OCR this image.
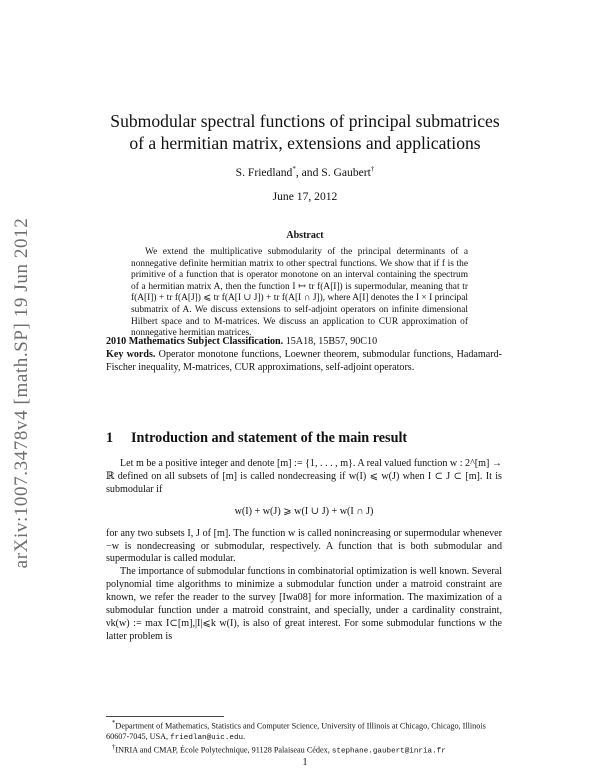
arXiv:1007.3478v4 [math.SP] 19 Jun 2012
Submodular spectral functions of principal submatrices
of a hermitian matrix, extensions and applications
S. Friedland*, and S. Gaubert†
June 17, 2012
Abstract
We extend the multiplicative submodularity of the principal determinants of a nonnegative definite hermitian matrix to other spectral functions. We show that if f is the primitive of a function that is operator monotone on an interval containing the spectrum of a hermitian matrix A, then the function I ↦ tr f(A[I]) is supermodular, meaning that tr f(A[I]) + tr f(A[J]) ⩽ tr f(A[I ∪ J]) + tr f(A[I ∩ J]), where A[I] denotes the I × I principal submatrix of A. We discuss extensions to self-adjoint operators on infinite dimensional Hilbert space and to M-matrices. We discuss an application to CUR approximation of nonnegative hermitian matrices.
2010 Mathematics Subject Classification. 15A18, 15B57, 90C10
Key words. Operator monotone functions, Loewner theorem, submodular functions, Hadamard-Fischer inequality, M-matrices, CUR approximations, self-adjoint operators.
1 Introduction and statement of the main result

Let m be a positive integer and denote [m] := {1, . . . , m}. A real valued function w : 2^[m] → ℝ defined on all subsets of [m] is called nondecreasing if w(I) ⩽ w(J) when I ⊂ J ⊂ [m]. It is submodular if

w(I) + w(J) ⩾ w(I ∪ J) + w(I ∩ J)

for any two subsets I, J of [m]. The function w is called nonincreasing or supermodular whenever −w is nondecreasing or submodular, respectively. A function that is both submodular and supermodular is called modular.

The importance of submodular functions in combinatorial optimization is well known. Several polynomial time algorithms to minimize a submodular function under a matroid constraint are known, we refer the reader to the survey [Iwa08] for more information. The maximization of a submodular function under a matroid constraint, and specially, under a cardinality constraint, νk(w) := max I⊂[m],|I|⩽k w(I), is also of great interest. For some submodular functions w the latter problem is

*Department of Mathematics, Statistics and Computer Science, University of Illinois at Chicago, Chicago, Illinois 60607-7045, USA, friedlan@uic.edu.

†INRIA and CMAP, École Polytechnique, 91128 Palaiseau Cédex, stephane.gaubert@inria.fr

1
